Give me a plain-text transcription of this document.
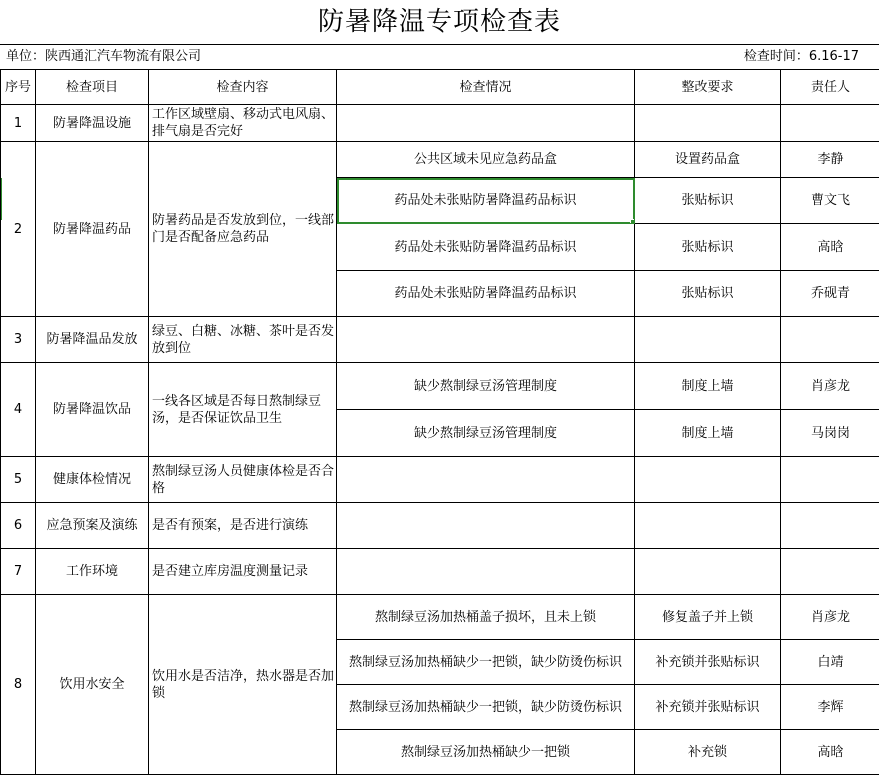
防暑降温专项检查表
单位：陕西通汇汽车物流有限公司	检查时间：6.16-17
序号	检查项目	检查内容	检查情况	整改要求	责任人
1	防暑降温设施	工作区域壁扇、移动式电风扇、排气扇是否完好			
2	防暑降温药品	防暑药品是否发放到位，一线部门是否配备应急药品	公共区域未见应急药品盒	设置药品盒	李静
			药品处未张贴防暑降温药品标识	张贴标识	曹文飞
			药品处未张贴防暑降温药品标识	张贴标识	高晗
			药品处未张贴防暑降温药品标识	张贴标识	乔砚青
3	防暑降温品发放	绿豆、白糖、冰糖、茶叶是否发放到位			
4	防暑降温饮品	一线各区域是否每日熬制绿豆汤，是否保证饮品卫生	缺少熬制绿豆汤管理制度	制度上墙	肖彦龙
			缺少熬制绿豆汤管理制度	制度上墙	马岗岗
5	健康体检情况	熬制绿豆汤人员健康体检是否合格			
6	应急预案及演练	是否有预案，是否进行演练			
7	工作环境	是否建立库房温度测量记录			
8	饮用水安全	饮用水是否洁净，热水器是否加锁	熬制绿豆汤加热桶盖子损坏，且未上锁	修复盖子并上锁	肖彦龙
			熬制绿豆汤加热桶缺少一把锁，缺少防烫伤标识	补充锁并张贴标识	白靖
			熬制绿豆汤加热桶缺少一把锁，缺少防烫伤标识	补充锁并张贴标识	李辉
			熬制绿豆汤加热桶缺少一把锁	补充锁	高晗
